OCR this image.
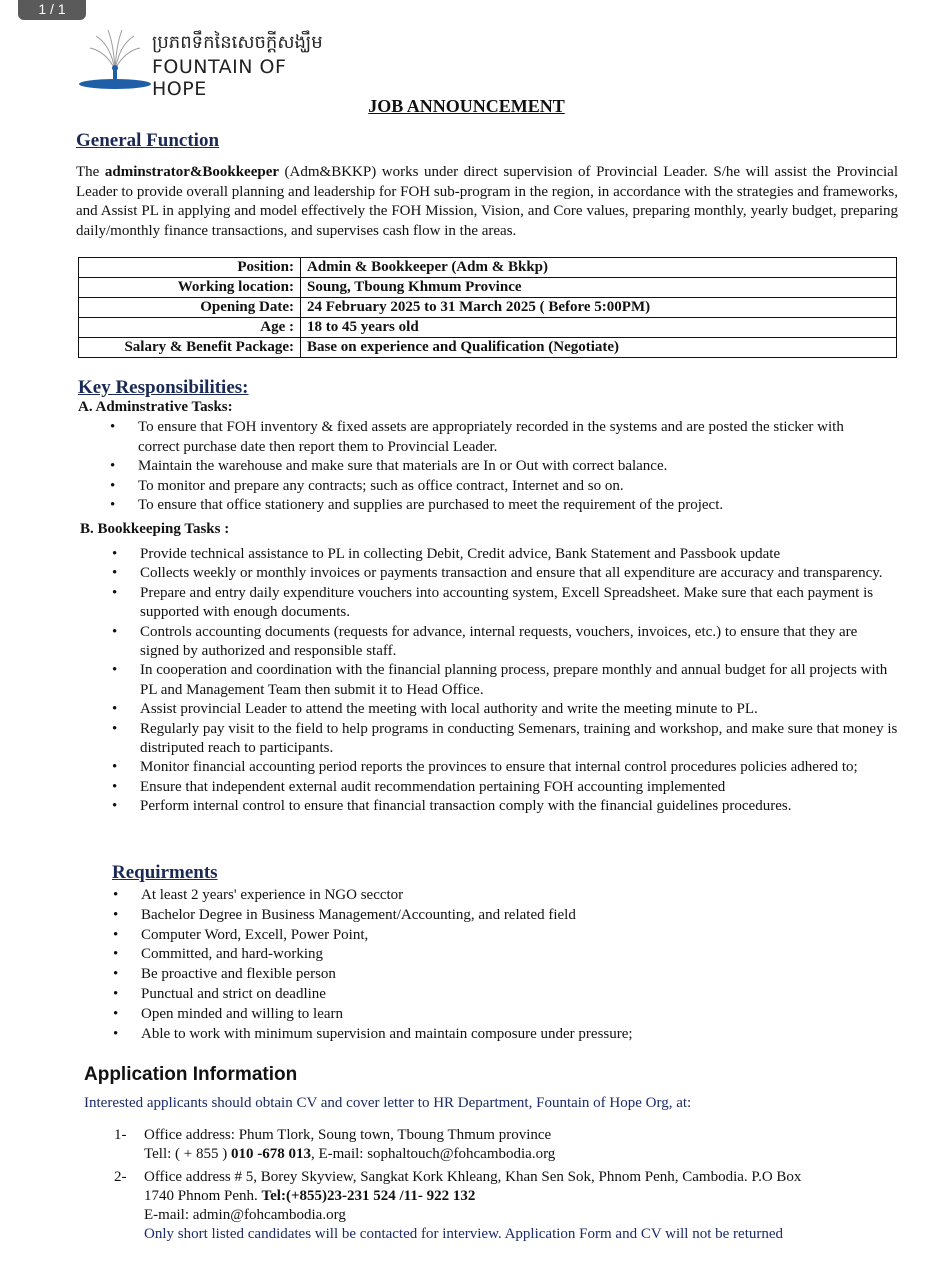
1 / 1
ប្រភពទឹកនៃសេចក្តីសង្ឃឹម
FOUNTAIN OF HOPE
JOB ANNOUNCEMENT
General Function
The adminstrator&Bookkeeper (Adm&BKKP) works under direct supervision of Provincial Leader. S/he will assist the Provincial Leader to provide overall planning and leadership for FOH sub-program in the region, in accordance with the strategies and frameworks, and Assist PL in applying and model effectively the FOH Mission, Vision, and Core values, preparing monthly, yearly budget, preparing daily/monthly finance transactions, and supervises cash flow in the areas.
Position:	Admin & Bookkeeper (Adm & Bkkp)
Working location:	Soung, Tboung Khmum Province
Opening Date:	24 February 2025 to 31 March 2025 ( Before 5:00PM)
Age :	18 to 45 years old
Salary & Benefit Package:	Base on experience and Qualification (Negotiate)
Key Responsibilities:
A. Adminstrative Tasks:
• To ensure that FOH inventory & fixed assets are appropriately recorded in the systems and are posted the sticker with correct purchase date then report them to Provincial Leader.
• Maintain the warehouse and make sure that materials are In or Out with correct balance.
• To monitor and prepare any contracts; such as office contract, Internet and so on.
• To ensure that office stationery and supplies are purchased to meet the requirement of the project.
B. Bookkeeping Tasks :
• Provide technical assistance to PL in collecting Debit, Credit advice, Bank Statement and Passbook update
• Collects weekly or monthly invoices or payments transaction and ensure that all expenditure are accuracy and transparency.
• Prepare and entry daily expenditure vouchers into accounting system, Excell Spreadsheet. Make sure that each payment is supported with enough documents.
• Controls accounting documents (requests for advance, internal requests, vouchers, invoices, etc.) to ensure that they are signed by authorized and responsible staff.
• In cooperation and coordination with the financial planning process, prepare monthly and annual budget for all projects with PL and Management Team then submit it to Head Office.
• Assist provincial Leader to attend the meeting with local authority and write the meeting minute to PL.
• Regularly pay visit to the field to help programs in conducting Semenars, training and workshop, and make sure that money is distriputed reach to participants.
• Monitor financial accounting period reports the provinces to ensure that internal control procedures policies adhered to;
• Ensure that independent external audit recommendation pertaining FOH accounting implemented
• Perform internal control to ensure that financial transaction comply with the financial guidelines procedures.
Requirments
• At least 2 years' experience in NGO secctor
• Bachelor Degree in Business Management/Accounting, and related field
• Computer Word, Excell, Power Point,
• Committed, and hard-working
• Be proactive and flexible person
• Punctual and strict on deadline
• Open minded and willing to learn
• Able to work with minimum supervision and maintain composure under pressure;
Application Information
Interested applicants should obtain CV and cover letter to HR Department, Fountain of Hope Org, at:
1- Office address: Phum Tlork, Soung town, Tboung Thmum province
Tell: ( + 855 ) 010 -678 013, E-mail: sophaltouch@fohcambodia.org
2- Office address # 5, Borey Skyview, Sangkat Kork Khleang, Khan Sen Sok, Phnom Penh, Cambodia. P.O Box
1740 Phnom Penh. Tel:(+855)23-231 524 /11- 922 132
E-mail: admin@fohcambodia.org
Only short listed candidates will be contacted for interview. Application Form and CV will not be returned
